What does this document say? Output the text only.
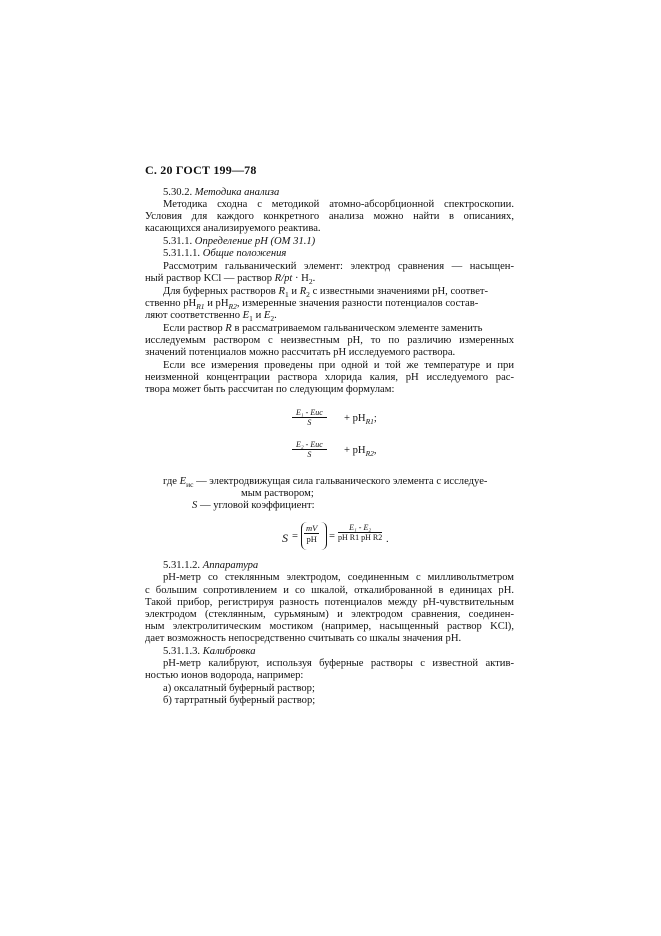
С. 20 ГОСТ 199—78
5.30.2. Методика анализа
Методика сходна с методикой атомно-абсорбционной спектроскопии.
Условия для каждого конкретного анализа можно найти в описаниях,
касающихся анализируемого реактива.
5.31.1. Определение рН (ОМ 31.1)
5.31.1.1. Общие положения
Рассмотрим гальванический элемент: электрод сравнения — насыщен-
ный раствор KCl — раствор $R/pt \cdot H_2$.
Для буферных растворов $R_1$ и $R_2$ с известными значениями рН, соответ-
ственно $рН_{R1}$ и $рН_{R2}$, измеренные значения разности потенциалов состав-
ляют соответственно $E_1$ и $E_2$.
Если раствор R в рассматриваемом гальваническом элементе заменить
исследуемым раствором с неизвестным рН, то по различию измеренных
значений потенциалов можно рассчитать рН исследуемого раствора.
Если все измерения проведены при одной и той же температуре и при
неизменной концентрации раствора хлорида калия, рН исследуемого рас-
твора может быть рассчитан по следующим формулам:
E₁ - Eис
S	+ $рН_{R1}$;
E₂ - Eис
S	+ $рН_{R2}$,
где $E_{ис}$ — электродвижущая сила гальванического элемента с исследуе-
мым раствором;
S — угловой коэффициент:
$S = \frac{mV}{pH} = \frac{\text{E₁ - E₂}}{\text{pH R1 pH R2}}$ .
5.31.1.2. Аппаратура
рН-метр со стеклянным электродом, соединенным с милливольтметром
с большим сопротивлением и со шкалой, откалиброванной в единицах рН.
Такой прибор, регистрируя разность потенциалов между рН-чувствительным
электродом (стеклянным, сурьмяным) и электродом сравнения, соединен-
ным электролитическим мостиком (например, насыщенный раствор KCl),
дает возможность непосредственно считывать со шкалы значения рН.
5.31.1.3. Калибровка
рН-метр калибруют, используя буферные растворы с известной актив-
ностью ионов водорода, например:
а) оксалатный буферный раствор;
б) тартратный буферный раствор;
